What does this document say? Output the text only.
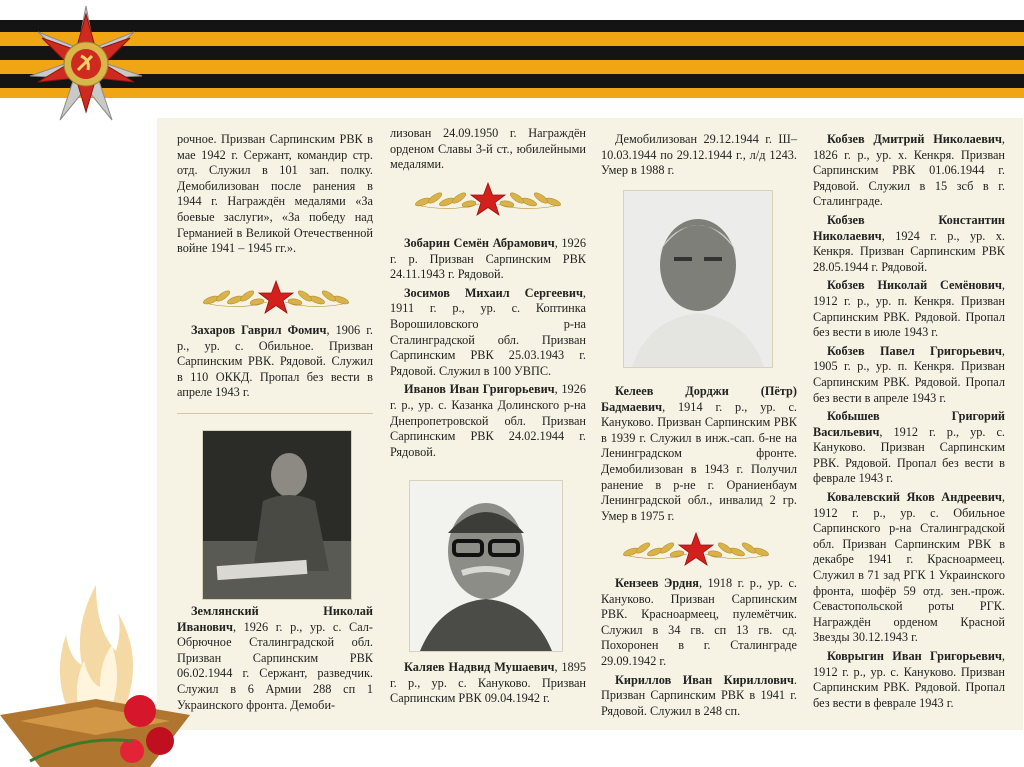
рочное. Призван Сарпинским РВК в мае 1942 г. Сержант, командир стр. отд. Служил в 101 зап. полку. Демобилизован после ранения в 1944 г. Награждён медалями «За боевые заслуги», «За победу над Германией в Великой Отечественной войне 1941 – 1945 гг.».

Захаров Гаврил Фомич, 1906 г. р., ур. с. Обильное. Призван Сарпинским РВК. Рядовой. Служил в 110 ОККД. Пропал без вести в апреле 1943 г.

Землянский Николай Иванович, 1926 г. р., ур. с. Сал-Обрючное Сталинградской обл. Призван Сарпинским РВК 06.02.1944 г. Сержант, разведчик. Служил в 6 Армии 288 сп 1 Украинского фронта. Демоби-

лизован 24.09.1950 г. Награждён орденом Славы 3-й ст., юбилейными медалями.

Зобарин Семён Абрамович, 1926 г. р. Призван Сарпинским РВК 24.11.1943 г. Рядовой.

Зосимов Михаил Сергеевич, 1911 г. р., ур. с. Коптинка Ворошиловского р-на Сталинградской обл. Призван Сарпинским РВК 25.03.1943 г. Рядовой. Служил в 100 УВПС.

Иванов Иван Григорьевич, 1926 г. р., ур. с. Казанка Долинского р-на Днепропетровской обл. Призван Сарпинским РВК 24.02.1944 г. Рядовой.

Каляев Надвид Мушаевич, 1895 г. р., ур. с. Кануково. Призван Сарпинским РВК 09.04.1942 г.

Демобилизован 29.12.1944 г. Ш–10.03.1944 по 29.12.1944 г., л/д 1243. Умер в 1988 г.

Келеев Дорджи (Пётр) Бадмаевич, 1914 г. р., ур. с. Кануково. Призван Сарпинским РВК в 1939 г. Служил в инж.-сап. б-не на Ленинградском фронте. Демобилизован в 1943 г. Получил ранение в р-не г. Ораниенбаум Ленинградской обл., инвалид 2 гр. Умер в 1975 г.

Кензеев Эрдня, 1918 г. р., ур. с. Кануково. Призван Сарпинским РВК. Красноармеец, пулемётчик. Служил в 34 гв. сп 13 гв. сд. Похоронен в г. Сталинграде 29.09.1942 г.

Кириллов Иван Кириллович. Призван Сарпинским РВК в 1941 г. Рядовой. Служил в 248 сп.

Кобзев Дмитрий Николаевич, 1826 г. р., ур. х. Кенкря. Призван Сарпинским РВК 01.06.1944 г. Рядовой. Служил в 15 зсб в г. Сталинграде.

Кобзев Константин Николаевич, 1924 г. р., ур. х. Кенкря. Призван Сарпинским РВК 28.05.1944 г. Рядовой.

Кобзев Николай Семёнович, 1912 г. р., ур. п. Кенкря. Призван Сарпинским РВК. Рядовой. Пропал без вести в июле 1943 г.

Кобзев Павел Григорьевич, 1905 г. р., ур. п. Кенкря. Призван Сарпинским РВК. Рядовой. Пропал без вести в апреле 1943 г.

Кобышев Григорий Васильевич, 1912 г. р., ур. с. Кануково. Призван Сарпинским РВК. Рядовой. Пропал без вести в феврале 1943 г.

Ковалевский Яков Андреевич, 1912 г. р., ур. с. Обильное Сарпинского р-на Сталинградской обл. Призван Сарпинским РВК в декабре 1941 г. Красноармеец. Служил в 71 зад РГК 1 Украинского фронта, шофёр 59 отд. зен.-прож. Севастопольской роты РГК. Награждён орденом Красной Звезды 30.12.1943 г.

Коврыгин Иван Григорьевич, 1912 г. р., ур. с. Кануково. Призван Сарпинским РВК. Рядовой. Пропал без вести в феврале 1943 г.
